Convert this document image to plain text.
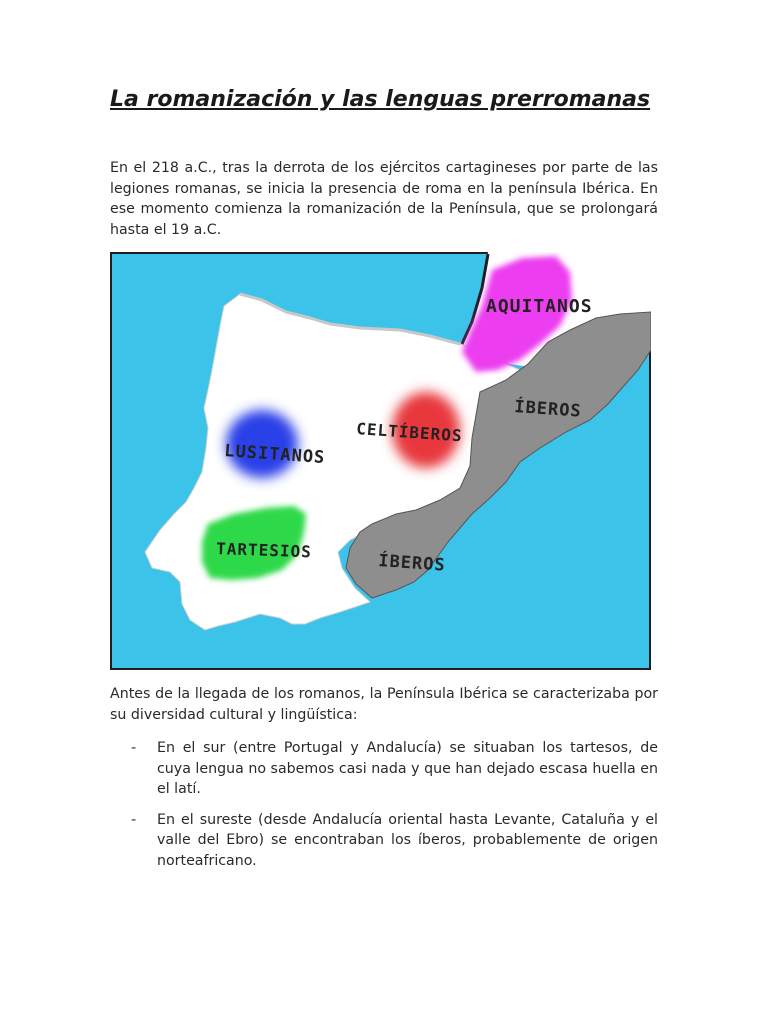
La romanización y las lenguas prerromanas

En el 218 a.C., tras la derrota de los ejércitos cartagineses por parte de las legiones romanas, se inicia la presencia de roma en la península Ibérica. En ese momento comienza la romanización de la Península, que se prolongará hasta el 19 a.C.

AQUITANOS
CELTÍBEROS
LUSITANOS
ÍBEROS
ÍBEROS
TARTESIOS

Antes de la llegada de los romanos, la Península Ibérica se caracterizaba por su diversidad cultural y lingüística:

- En el sur (entre Portugal y Andalucía) se situaban los tartesos, de cuya lengua no sabemos casi nada y que han dejado escasa huella en el latí.
- En el sureste (desde Andalucía oriental hasta Levante, Cataluña y el valle del Ebro) se encontraban los íberos, probablemente de origen norteafricano.
